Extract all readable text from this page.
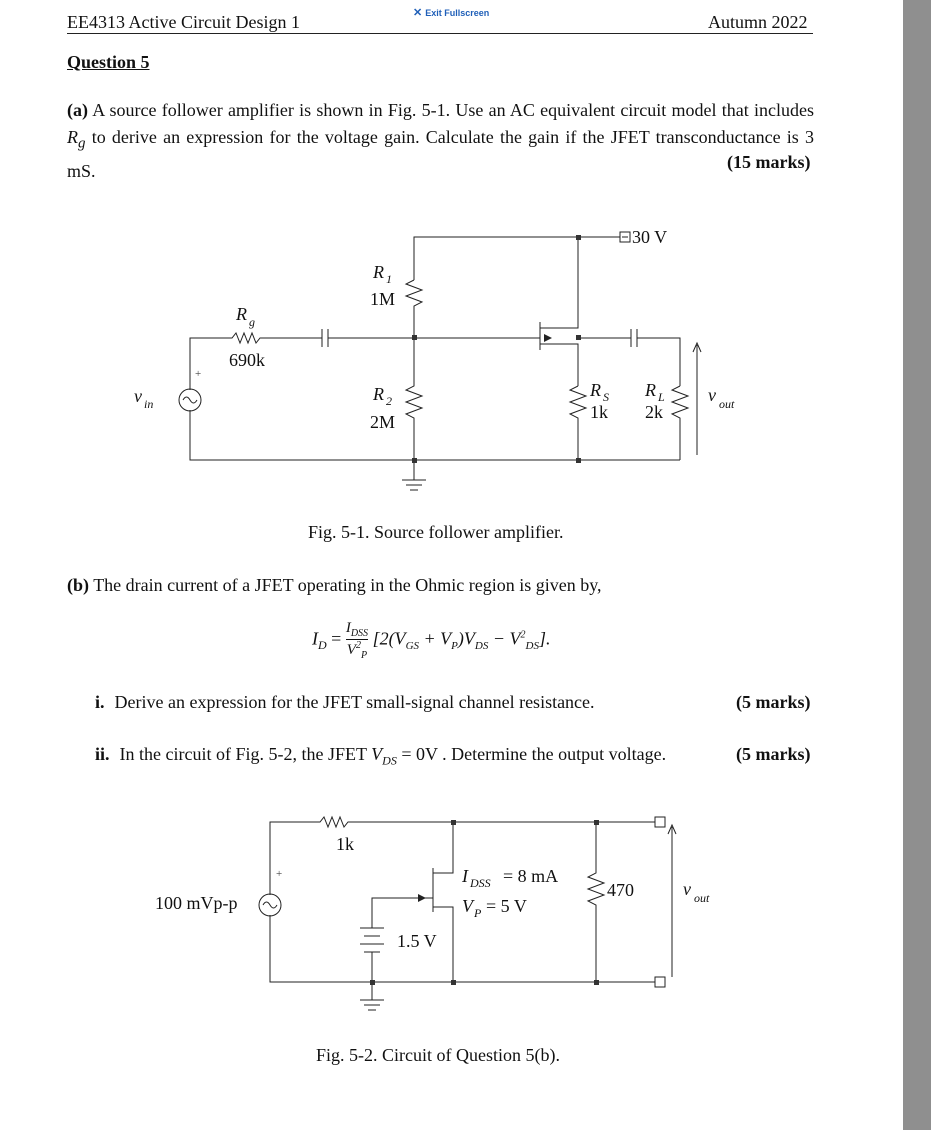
✕ Exit Fullscreen
EE4313 Active Circuit Design 1	Autumn 2022
Question 5
(a) A source follower amplifier is shown in Fig. 5-1. Use an AC equivalent circuit model that includes $R_g$ to derive an expression for the voltage gain. Calculate the gain if the JFET transconductance is 3 mS.	(15 marks)
30 V
R 1
1M
R g
690k
R 2
2M
R S
1k
R L
2k
v in	v out
+
Fig. 5-1. Source follower amplifier.
(b) The drain current of a JFET operating in the Ohmic region is given by,
$I_D$ =
$I_{DSS}$
$V^2_P$
$[2(V_{GS} + V_P)V_{DS} - V^2_{DS}]$.
i. Derive an expression for the JFET small-signal channel resistance.	(5 marks)
ii. In the circuit of Fig. 5-2, the JFET $V_{DS} = 0V$ . Determine the output voltage.	(5 marks)
100 mVp-p
1k
1.5 V
I DSS = 8 mA
V P = 5 V
470	v out
+
Fig. 5-2. Circuit of Question 5(b).
